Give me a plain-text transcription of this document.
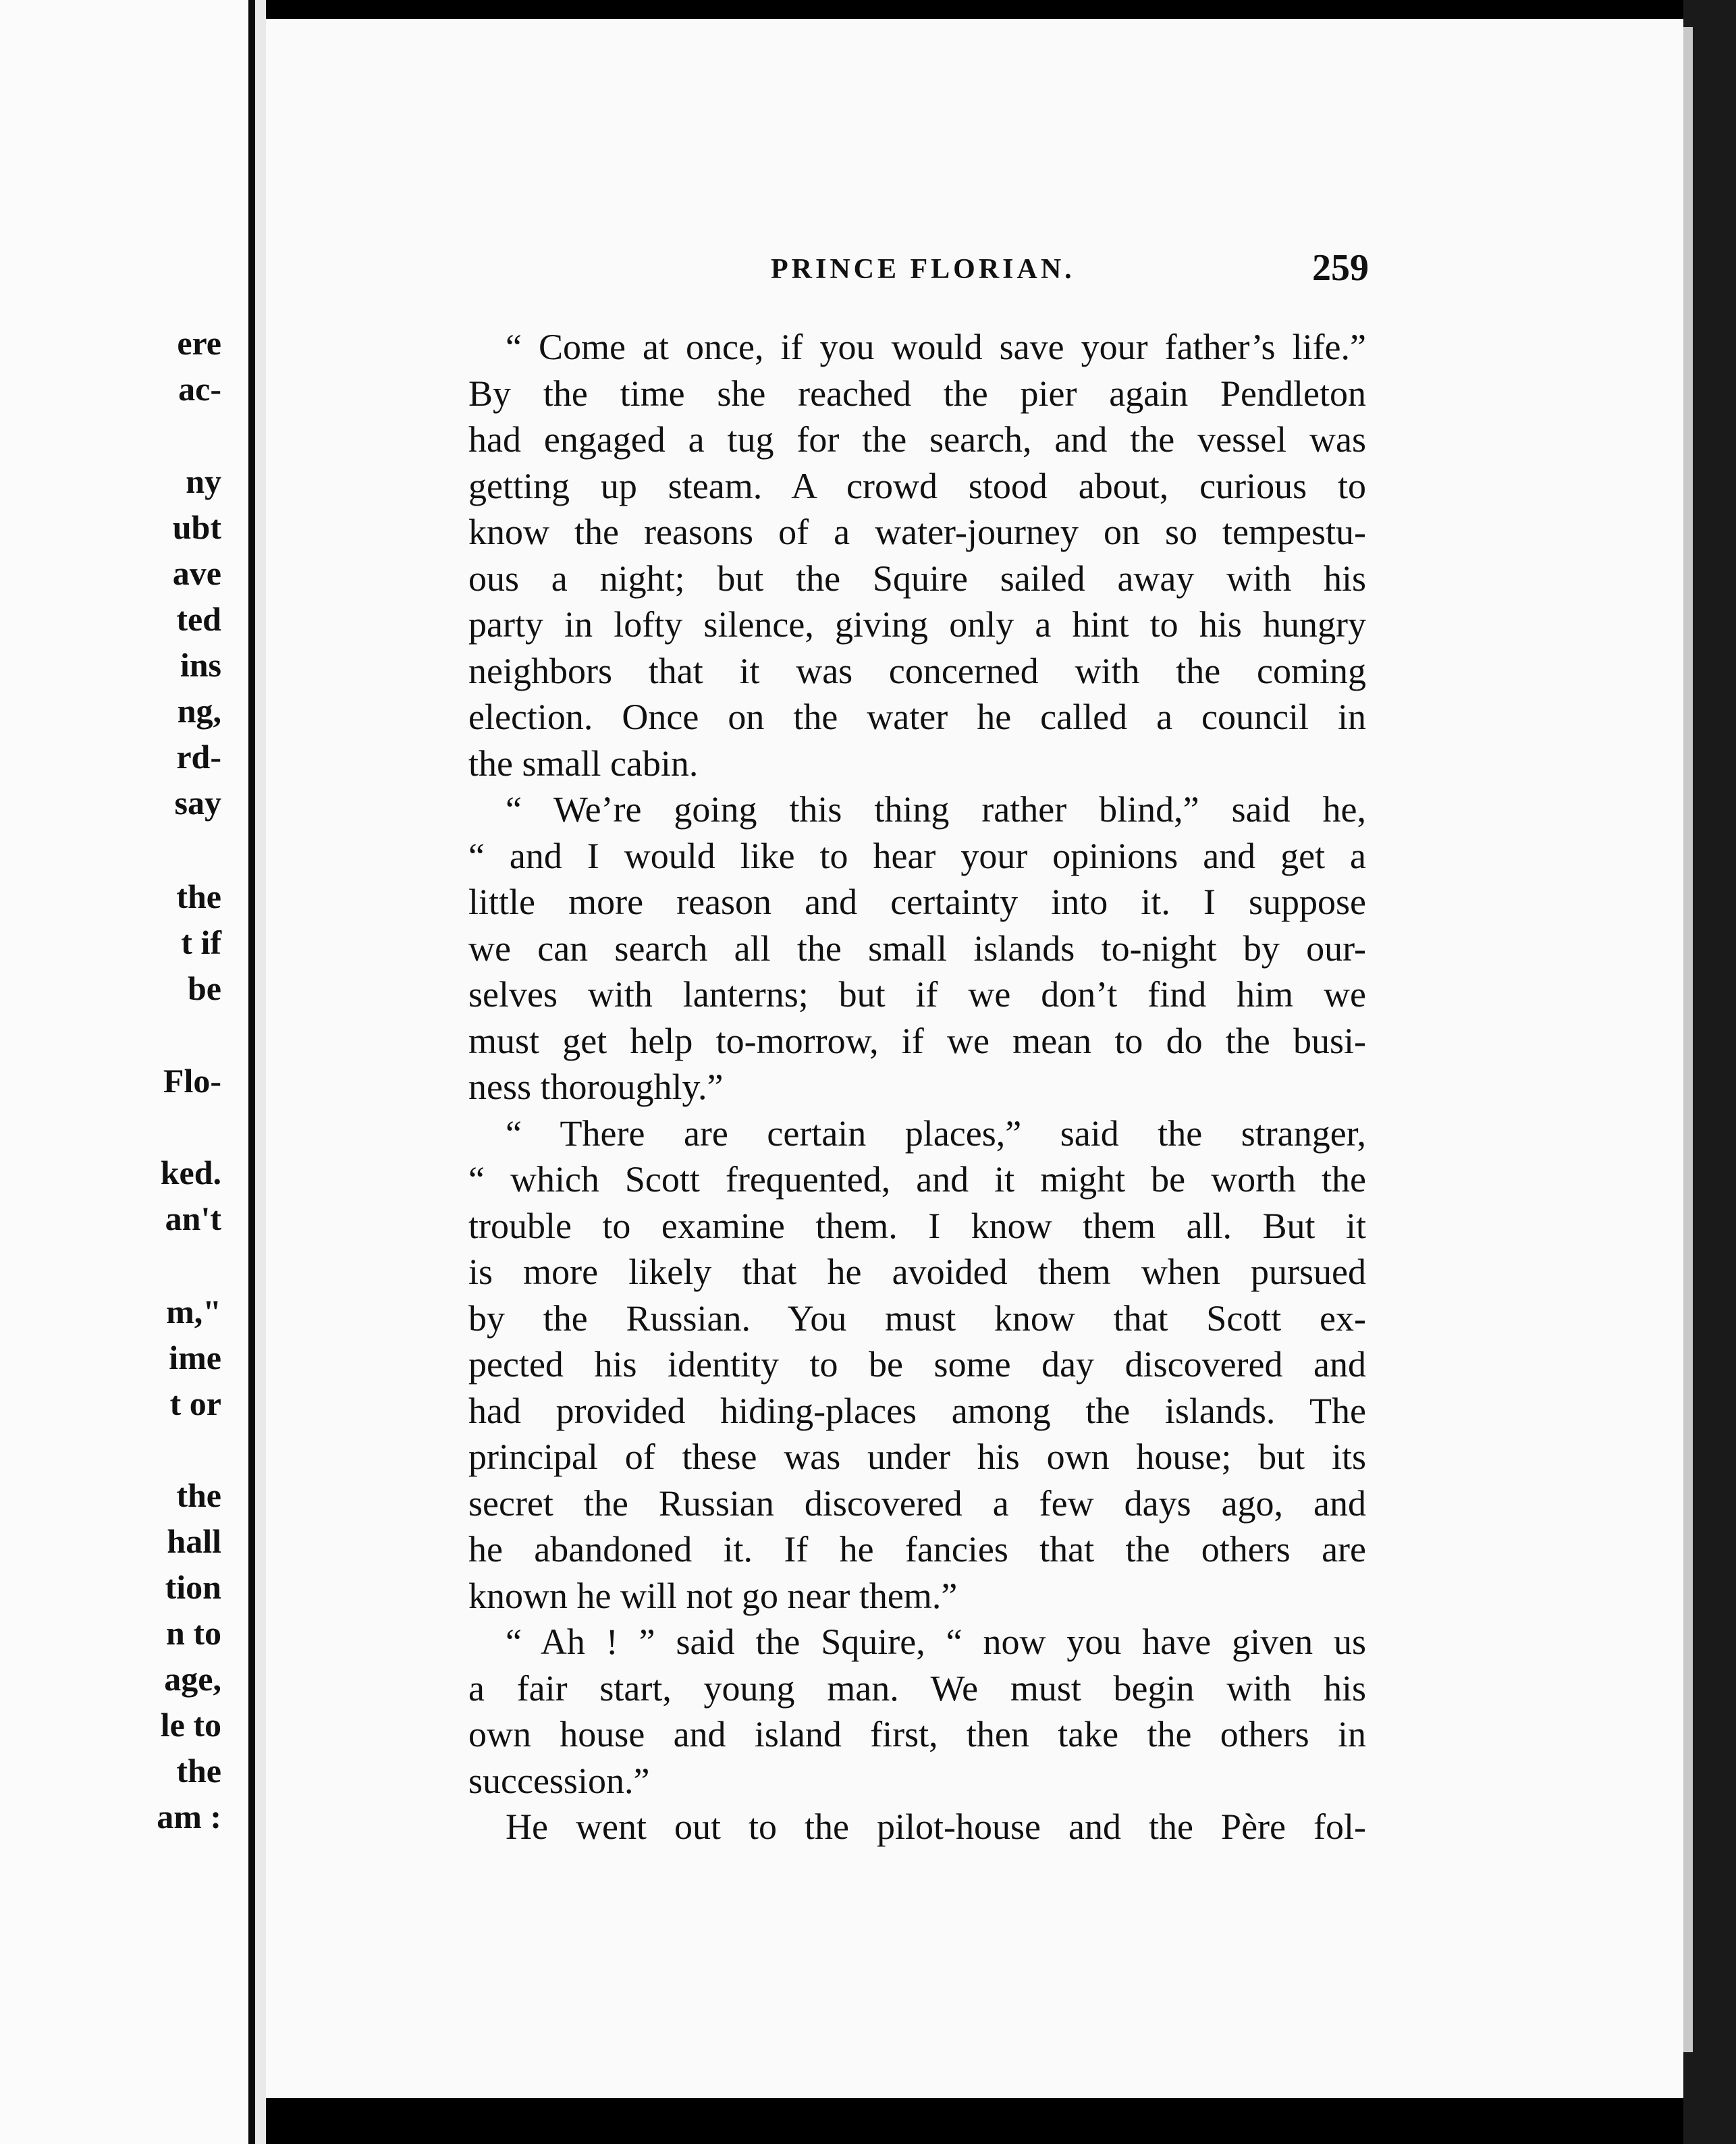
ere
ac-
ny
ubt
ave
ted
ins
ng,
rd-
say
the
t if
be
Flo-
ked.
an't
m,"
ime
t or
the
hall
tion
n to
age,
le to
the
am :
PRINCE FLORIAN.	259
“ Come at once, if you would save your father’s life.”
By the time she reached the pier again Pendleton
had engaged a tug for the search, and the vessel was
getting up steam. A crowd stood about, curious to
know the reasons of a water-journey on so tempestu-
ous a night; but the Squire sailed away with his
party in lofty silence, giving only a hint to his hungry
neighbors that it was concerned with the coming
election. Once on the water he called a council in
the small cabin.
“ We’re going this thing rather blind,” said he,
“ and I would like to hear your opinions and get a
little more reason and certainty into it. I suppose
we can search all the small islands to-night by our-
selves with lanterns; but if we don’t find him we
must get help to-morrow, if we mean to do the busi-
ness thoroughly.”
“ There are certain places,” said the stranger,
“ which Scott frequented, and it might be worth the
trouble to examine them. I know them all. But it
is more likely that he avoided them when pursued
by the Russian. You must know that Scott ex-
pected his identity to be some day discovered and
had provided hiding-places among the islands. The
principal of these was under his own house; but its
secret the Russian discovered a few days ago, and
he abandoned it. If he fancies that the others are
known he will not go near them.”
“ Ah ! ” said the Squire, “ now you have given us
a fair start, young man. We must begin with his
own house and island first, then take the others in
succession.”
He went out to the pilot-house and the Père fol-
